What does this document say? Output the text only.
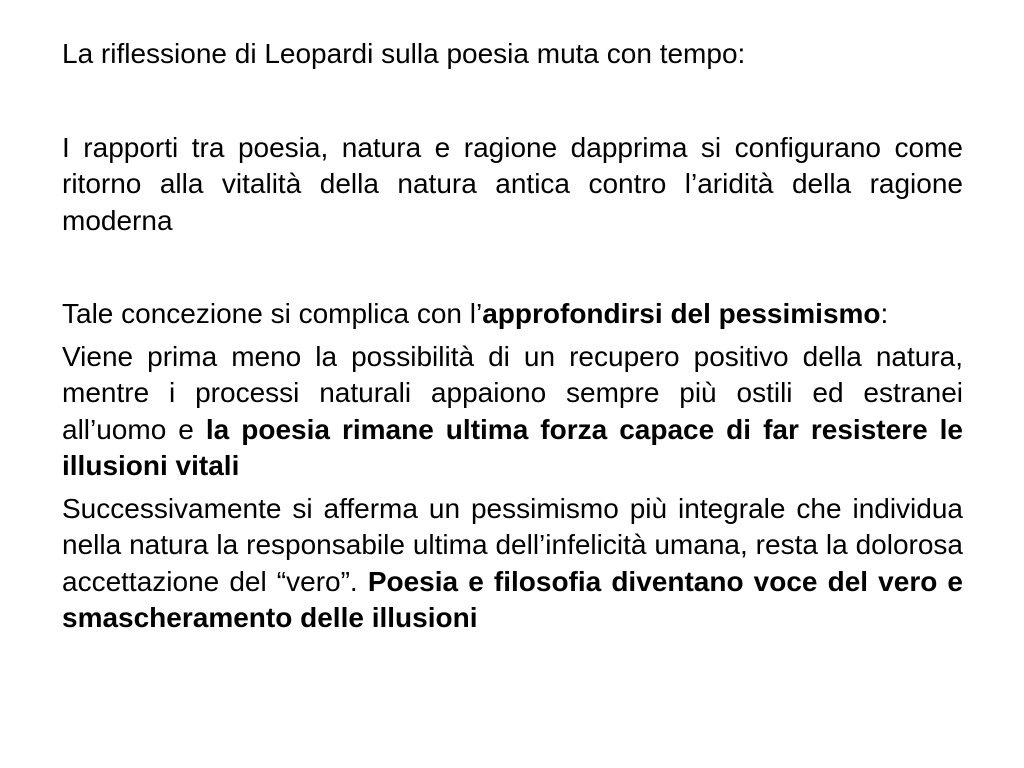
La riflessione di Leopardi sulla poesia muta con tempo:

I rapporti tra poesia, natura e ragione dapprima si configurano come ritorno alla vitalità della natura antica contro l’aridità della ragione moderna

Tale concezione si complica con l’approfondirsi del pessimismo:

Viene prima meno la possibilità di un recupero positivo della natura, mentre i processi naturali appaiono sempre più ostili ed estranei all’uomo e la poesia rimane ultima forza capace di far resistere le illusioni vitali

Successivamente si afferma un pessimismo più integrale che individua nella natura la responsabile ultima dell’infelicità umana, resta la dolorosa accettazione del “vero”. Poesia e filosofia diventano voce del vero e smascheramento delle illusioni
